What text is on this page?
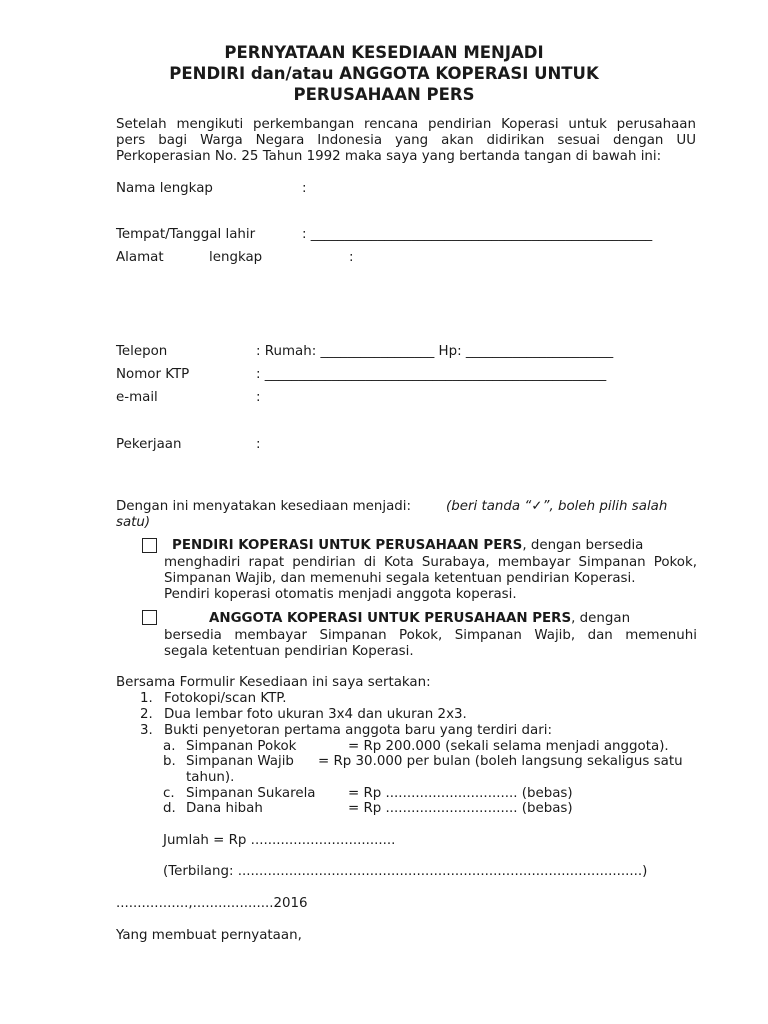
PERNYATAAN KESEDIAAN MENJADI
PENDIRI dan/atau ANGGOTA KOPERASI UNTUK
PERUSAHAAN PERS
Setelah mengikuti perkembangan rencana pendirian Koperasi untuk perusahaan
pers bagi Warga Negara Indonesia yang akan didirikan sesuai dengan UU
Perkoperasian No. 25 Tahun 1992 maka saya yang bertanda tangan di bawah ini:
Nama lengkap	:
Tempat/Tanggal lahir	: ___________________________________________________
Alamat	lengkap	:
Telepon	: Rumah: _________________ Hp: ______________________
Nomor KTP	: ___________________________________________________
e-mail	:
Pekerjaan	:
Dengan ini menyatakan kesediaan menjadi:	(beri tanda “✓”, boleh pilih salah
satu)
PENDIRI KOPERASI UNTUK PERUSAHAAN PERS, dengan bersedia
menghadiri rapat pendirian di Kota Surabaya, membayar Simpanan Pokok,
Simpanan Wajib, dan memenuhi segala ketentuan pendirian Koperasi.
Pendiri koperasi otomatis menjadi anggota koperasi.
ANGGOTA KOPERASI UNTUK PERUSAHAAN PERS, dengan
bersedia membayar Simpanan Pokok, Simpanan Wajib, dan memenuhi
segala ketentuan pendirian Koperasi.
Bersama Formulir Kesediaan ini saya sertakan:
1. Fotokopi/scan KTP.
2. Dua lembar foto ukuran 3x4 dan ukuran 2x3.
3. Bukti penyetoran pertama anggota baru yang terdiri dari:
a. Simpanan Pokok	= Rp 200.000 (sekali selama menjadi anggota).
b. Simpanan Wajib = Rp 30.000 per bulan (boleh langsung sekaligus satu
tahun).
c. Simpanan Sukarela = Rp ............................... (bebas)
d. Dana hibah	= Rp ............................... (bebas)
Jumlah = Rp ..................................
(Terbilang: ...............................................................................................)
.................,...................2016
Yang membuat pernyataan,
